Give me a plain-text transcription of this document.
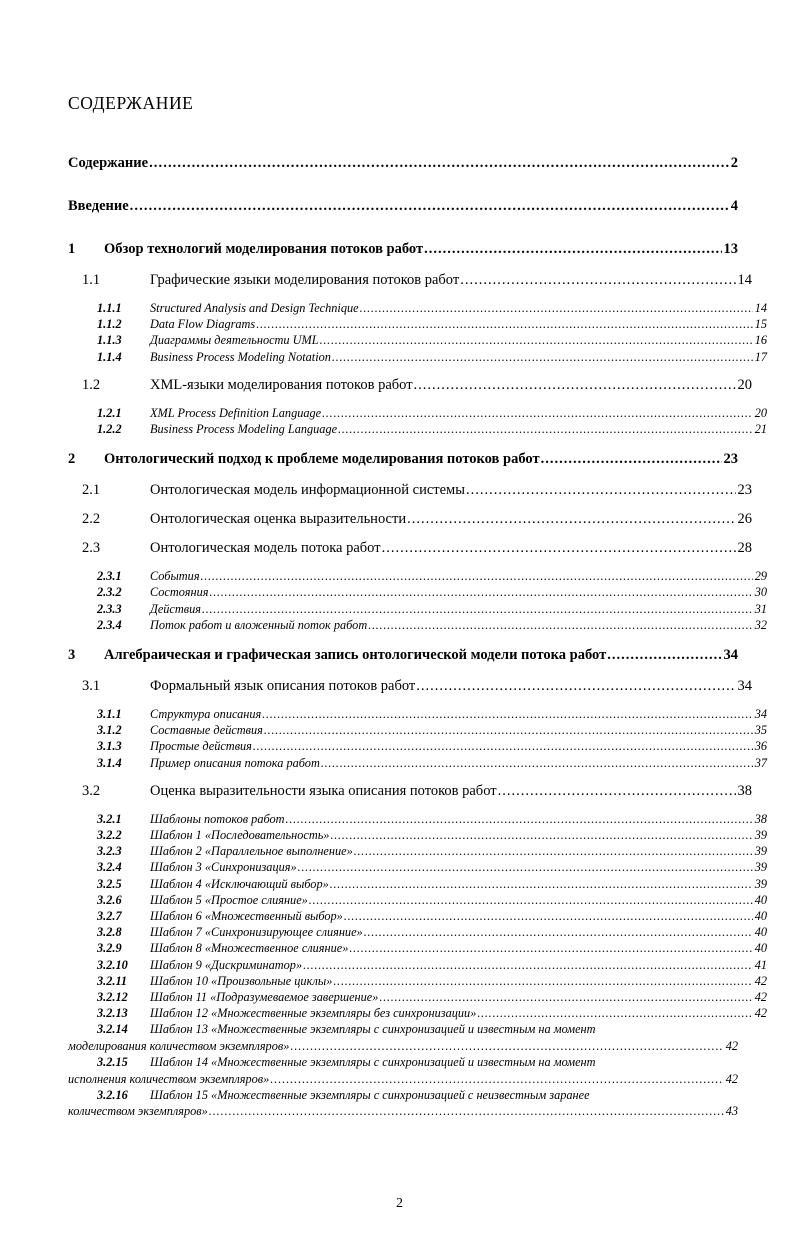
СОДЕРЖАНИЕ
Содержание .....	2
Введение .....	4
1	Обзор технологий моделирования потоков работ .....	13
1.1	Графические языки моделирования потоков работ .....	14
1.1.1	Structured Analysis and Design Technique .....	14
1.1.2	Data Flow Diagrams .....	15
1.1.3	Диаграммы деятельности UML .....	16
1.1.4	Business Process Modeling Notation .....	17
1.2	XML-языки моделирования потоков работ .....	20
1.2.1	XML Process Definition Language .....	20
1.2.2	Business Process Modeling Language .....	21
2	Онтологический подход к проблеме моделирования потоков работ .....	23
2.1	Онтологическая модель информационной системы .....	23
2.2	Онтологическая оценка выразительности .....	26
2.3	Онтологическая модель потока работ .....	28
2.3.1	События .....	29
2.3.2	Состояния .....	30
2.3.3	Действия .....	31
2.3.4	Поток работ и вложенный поток работ .....	32
3	Алгебраическая и графическая запись онтологической модели потока работ .....	34
3.1	Формальный язык описания потоков работ .....	34
3.1.1	Структура описания .....	34
3.1.2	Составные действия .....	35
3.1.3	Простые действия .....	36
3.1.4	Пример описания потока работ .....	37
3.2	Оценка выразительности языка описания потоков работ .....	38
3.2.1	Шаблоны потоков работ .....	38
3.2.2	Шаблон 1 «Последовательность» .....	39
3.2.3	Шаблон 2 «Параллельное выполнение» .....	39
3.2.4	Шаблон 3 «Синхронизация» .....	39
3.2.5	Шаблон 4 «Исключающий выбор» .....	39
3.2.6	Шаблон 5 «Простое слияние» .....	40
3.2.7	Шаблон 6 «Множественный выбор» .....	40
3.2.8	Шаблон 7 «Синхронизирующее слияние» .....	40
3.2.9	Шаблон 8 «Множественное слияние» .....	40
3.2.10	Шаблон 9 «Дискриминатор» .....	41
3.2.11	Шаблон 10 «Произвольные циклы» .....	42
3.2.12	Шаблон 11 «Подразумеваемое завершение» .....	42
3.2.13	Шаблон 12 «Множественные экземпляры без синхронизации» .....	42
3.2.14	Шаблон 13 «Множественные экземпляры с синхронизацией и известным на момент
моделирования количеством экземпляров» .....	42
3.2.15	Шаблон 14 «Множественные экземпляры с синхронизацией и известным на момент
исполнения количеством экземпляров» .....	42
3.2.16	Шаблон 15 «Множественные экземпляры с синхронизацией с неизвестным заранее
количеством экземпляров» .....	43
2
